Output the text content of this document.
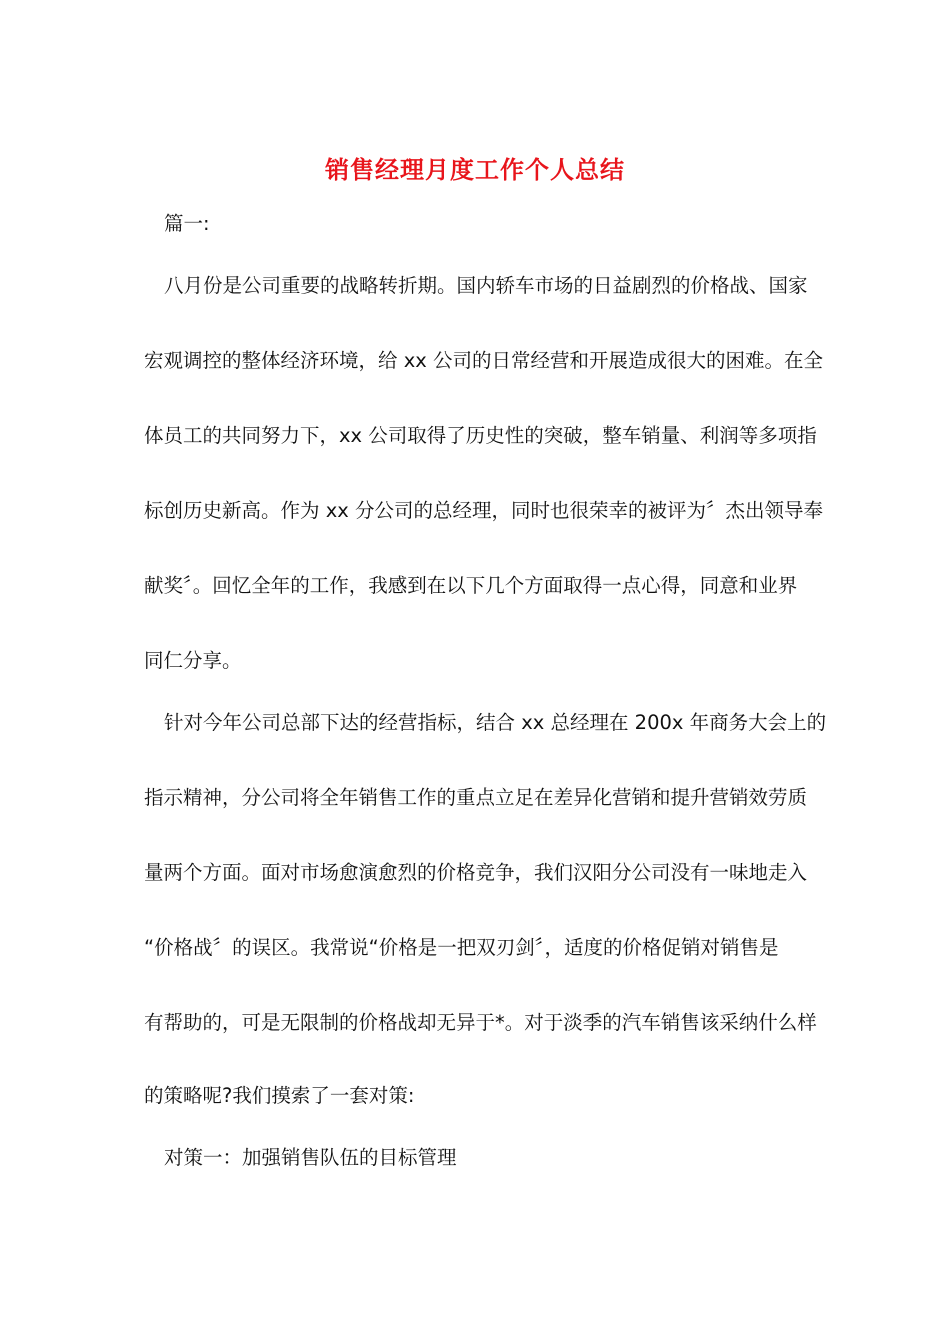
销售经理月度工作个人总结
篇一:
八月份是公司重要的战略转折期。国内轿车市场的日益剧烈的价格战、国家
宏观调控的整体经济环境，给 xx 公司的日常经营和开展造成很大的困难。在全
体员工的共同努力下，xx 公司取得了历史性的突破，整车销量、利润等多项指
标创历史新高。作为 xx 分公司的总经理，同时也很荣幸的被评为〞杰出领导奉
献奖〞。回忆全年的工作，我感到在以下几个方面取得一点心得，同意和业界
同仁分享。
针对今年公司总部下达的经营指标，结合 xx 总经理在 200x 年商务大会上的
指示精神，分公司将全年销售工作的重点立足在差异化营销和提升营销效劳质
量两个方面。面对市场愈演愈烈的价格竞争，我们汉阳分公司没有一味地走入
“价格战〞的误区。我常说“价格是一把双刃剑〞，适度的价格促销对销售是
有帮助的，可是无限制的价格战却无异于*。对于淡季的汽车销售该采纳什么样
的策略呢?我们摸索了一套对策:
对策一：加强销售队伍的目标管理
